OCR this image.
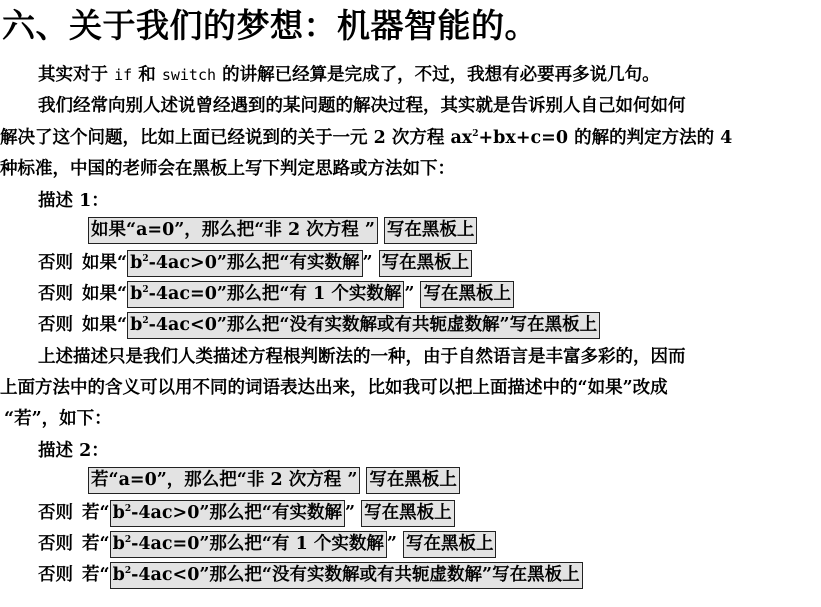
六、关于我们的梦想：机器智能的。
其实对于 if 和 switch 的讲解已经算是完成了，不过，我想有必要再多说几句。
我们经常向别人述说曾经遇到的某问题的解决过程，其实就是告诉别人自己如何如何
解决了这个问题，比如上面已经说到的关于一元 2 次方程 $ax^2+bx+c=0$ 的解的判定方法的 4
种标准，中国的老师会在黑板上写下判定思路或方法如下：
描述 1：
如果“a=0”，那么把“非 2 次方程 ” 写在黑板上
否则 如果“ $b^2-4ac>0$”那么把“有实数解 ” 写在黑板上
否则 如果“ $b^2-4ac=0$”那么把“有 1 个实数解 ” 写在黑板上
否则 如果“ $b^2-4ac<0$”那么把“没有实数解或有共轭虚数解”写在黑板上
上述描述只是我们人类描述方程根判断法的一种，由于自然语言是丰富多彩的，因而
上面方法中的含义可以用不同的词语表达出来，比如我可以把上面描述中的“如果”改成
“若”，如下：
描述 2：
若“a=0”，那么把“非 2 次方程 ” 写在黑板上
否则 若“ $b^2-4ac>0$”那么把“有实数解 ” 写在黑板上
否则 若“ $b^2-4ac=0$”那么把“有 1 个实数解 ” 写在黑板上
否则 若“ $b^2-4ac<0$”那么把“没有实数解或有共轭虚数解”写在黑板上
